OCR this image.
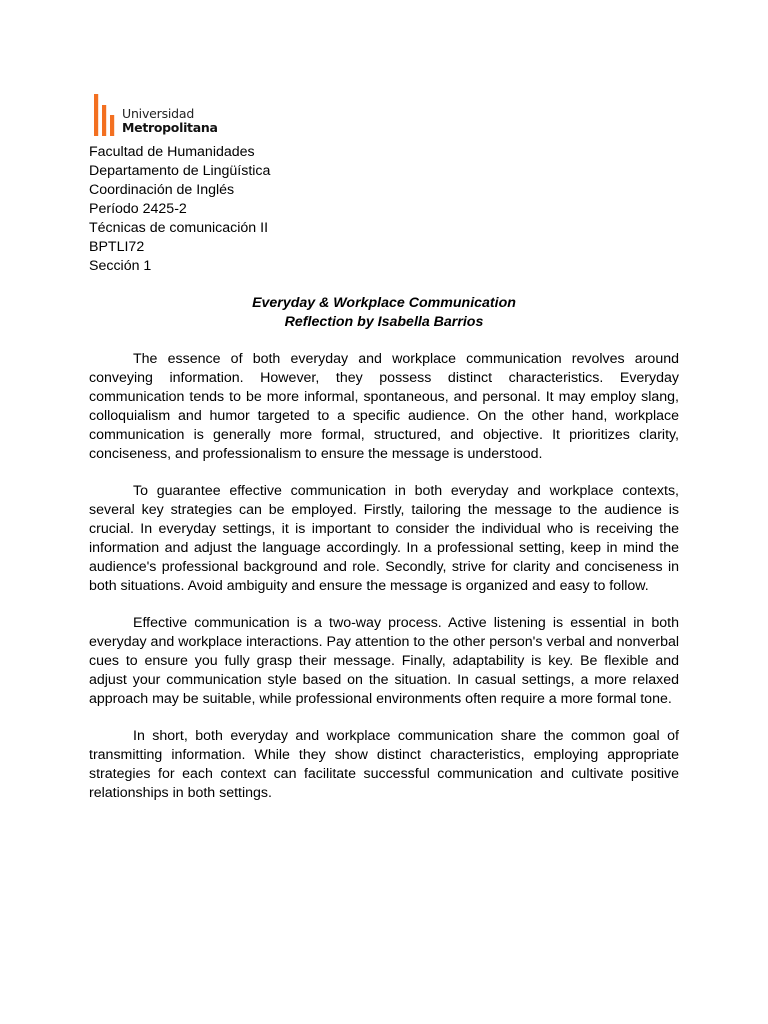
Universidad
Metropolitana
Facultad de Humanidades
Departamento de Lingüística
Coordinación de Inglés
Período 2425-2
Técnicas de comunicación II
BPTLI72
Sección 1
Everyday & Workplace Communication
Reflection by Isabella Barrios

The essence of both everyday and workplace communication revolves around conveying information. However, they possess distinct characteristics. Everyday communication tends to be more informal, spontaneous, and personal. It may employ slang, colloquialism and humor targeted to a specific audience. On the other hand, workplace communication is generally more formal, structured, and objective. It prioritizes clarity, conciseness, and professionalism to ensure the message is understood.

To guarantee effective communication in both everyday and workplace contexts, several key strategies can be employed. Firstly, tailoring the message to the audience is crucial. In everyday settings, it is important to consider the individual who is receiving the information and adjust the language accordingly. In a professional setting, keep in mind the audience's professional background and role. Secondly, strive for clarity and conciseness in both situations. Avoid ambiguity and ensure the message is organized and easy to follow.

Effective communication is a two-way process. Active listening is essential in both everyday and workplace interactions. Pay attention to the other person's verbal and nonverbal cues to ensure you fully grasp their message. Finally, adaptability is key. Be flexible and adjust your communication style based on the situation. In casual settings, a more relaxed approach may be suitable, while professional environments often require a more formal tone.

In short, both everyday and workplace communication share the common goal of transmitting information. While they show distinct characteristics, employing appropriate strategies for each context can facilitate successful communication and cultivate positive relationships in both settings.
